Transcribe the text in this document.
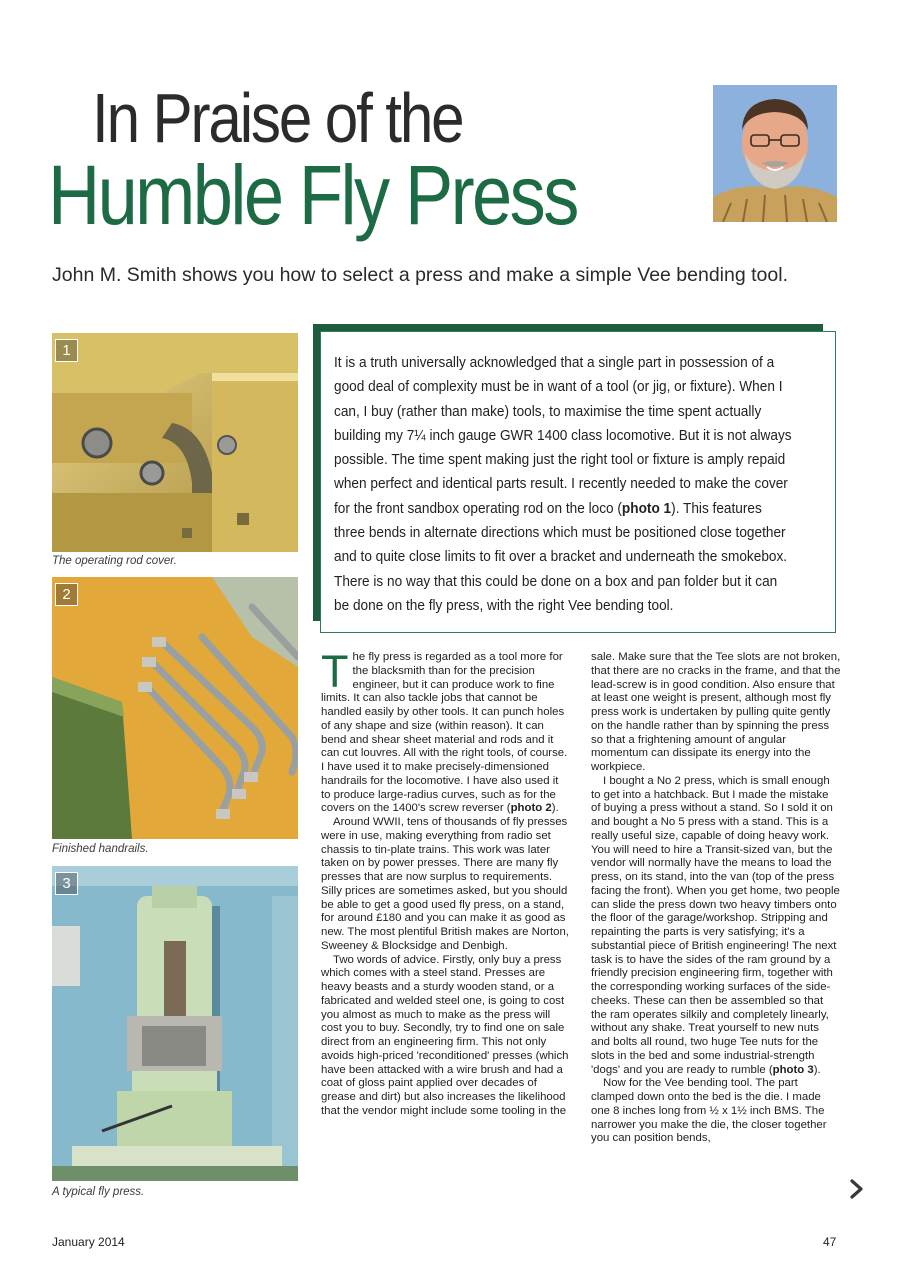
In Praise of the
Humble Fly Press
John M. Smith shows you how to select a press and make a simple Vee bending tool.
1
The operating rod cover.
2
Finished handrails.
3
A typical fly press.
It is a truth universally acknowledged that a single part in possession of a good deal of complexity must be in want of a tool (or jig, or fixture). When I can, I buy (rather than make) tools, to maximise the time spent actually building my 7¼ inch gauge GWR 1400 class locomotive. But it is not always possible. The time spent making just the right tool or fixture is amply repaid when perfect and identical parts result. I recently needed to make the cover for the front sandbox operating rod on the loco (photo 1). This features three bends in alternate directions which must be positioned close together and to quite close limits to fit over a bracket and underneath the smokebox. There is no way that this could be done on a box and pan folder but it can be done on the fly press, with the right Vee bending tool.

The fly press is regarded as a tool more for the blacksmith than for the precision engineer, but it can produce work to fine limits. It can also tackle jobs that cannot be handled easily by other tools. It can punch holes of any shape and size (within reason). It can bend and shear sheet material and rods and it can cut louvres. All with the right tools, of course. I have used it to make precisely-dimensioned handrails for the locomotive. I have also used it to produce large-radius curves, such as for the covers on the 1400's screw reverser (photo 2).

Around WWII, tens of thousands of fly presses were in use, making everything from radio set chassis to tin-plate trains. This work was later taken on by power presses. There are many fly presses that are now surplus to requirements. Silly prices are sometimes asked, but you should be able to get a good used fly press, on a stand, for around £180 and you can make it as good as new. The most plentiful British makes are Norton, Sweeney & Blocksidge and Denbigh.

Two words of advice. Firstly, only buy a press which comes with a steel stand. Presses are heavy beasts and a sturdy wooden stand, or a fabricated and welded steel one, is going to cost you almost as much to make as the press will cost you to buy. Secondly, try to find one on sale direct from an engineering firm. This not only avoids high-priced 'reconditioned' presses (which have been attacked with a wire brush and had a coat of gloss paint applied over decades of grease and dirt) but also increases the likelihood that the vendor might include some tooling in the

sale. Make sure that the Tee slots are not broken, that there are no cracks in the frame, and that the lead-screw is in good condition. Also ensure that at least one weight is present, although most fly press work is undertaken by pulling quite gently on the handle rather than by spinning the press so that a frightening amount of angular momentum can dissipate its energy into the workpiece.

I bought a No 2 press, which is small enough to get into a hatchback. But I made the mistake of buying a press without a stand. So I sold it on and bought a No 5 press with a stand. This is a really useful size, capable of doing heavy work. You will need to hire a Transit-sized van, but the vendor will normally have the means to load the press, on its stand, into the van (top of the press facing the front). When you get home, two people can slide the press down two heavy timbers onto the floor of the garage/workshop. Stripping and repainting the parts is very satisfying; it's a substantial piece of British engineering! The next task is to have the sides of the ram ground by a friendly precision engineering firm, together with the corresponding working surfaces of the side-cheeks. These can then be assembled so that the ram operates silkily and completely linearly, without any shake. Treat yourself to new nuts and bolts all round, two huge Tee nuts for the slots in the bed and some industrial-strength 'dogs' and you are ready to rumble (photo 3).

Now for the Vee bending tool. The part clamped down onto the bed is the die. I made one 8 inches long from ½ x 1½ inch BMS. The narrower you make the die, the closer together you can position bends,

January 2014	47
